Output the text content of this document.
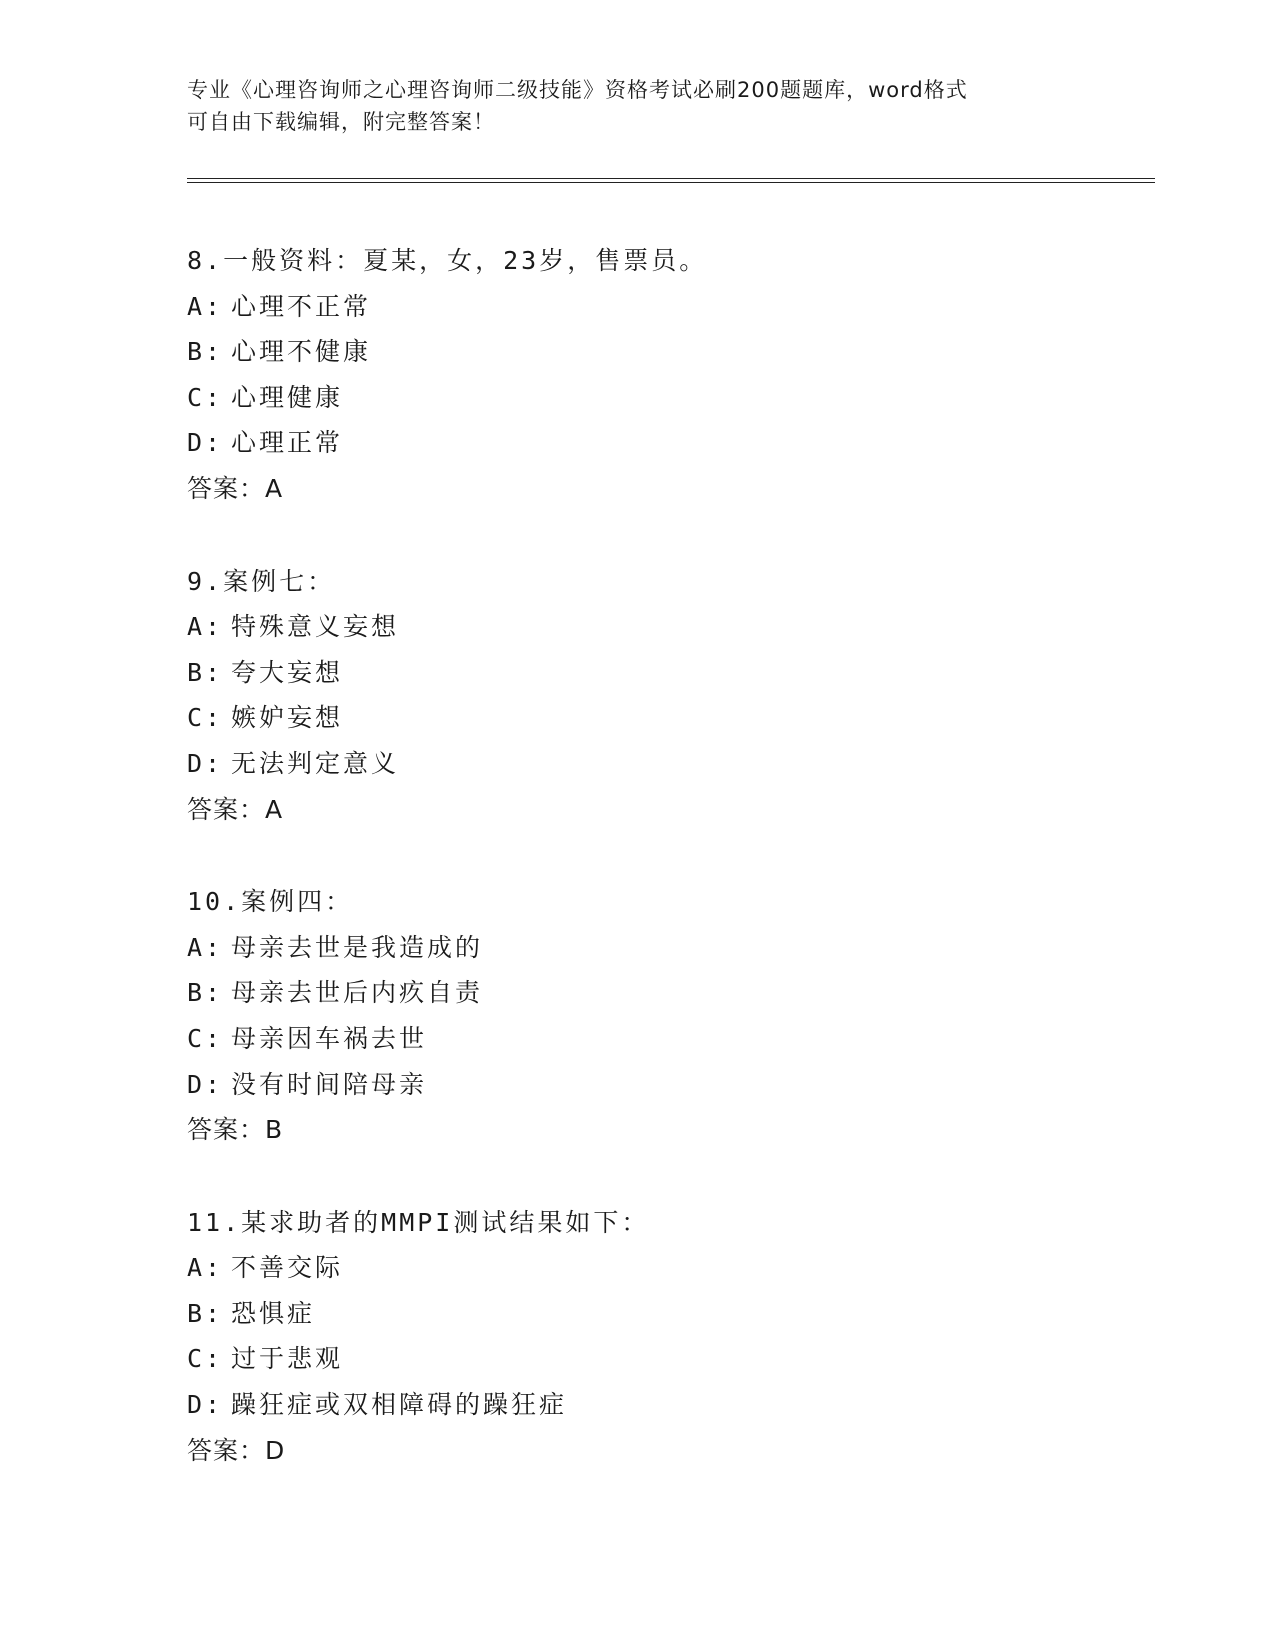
专业《心理咨询师之心理咨询师二级技能》资格考试必刷200题题库，word格式
可自由下载编辑，附完整答案！
8.一般资料：夏某，女，23岁，售票员。
A: 心理不正常
B: 心理不健康
C: 心理健康
D: 心理正常
答案：A
9.案例七：
A: 特殊意义妄想
B: 夸大妄想
C: 嫉妒妄想
D: 无法判定意义
答案：A
10.案例四：
A: 母亲去世是我造成的
B: 母亲去世后内疚自责
C: 母亲因车祸去世
D: 没有时间陪母亲
答案：B
11.某求助者的MMPI测试结果如下：
A: 不善交际
B: 恐惧症
C: 过于悲观
D: 躁狂症或双相障碍的躁狂症
答案：D
